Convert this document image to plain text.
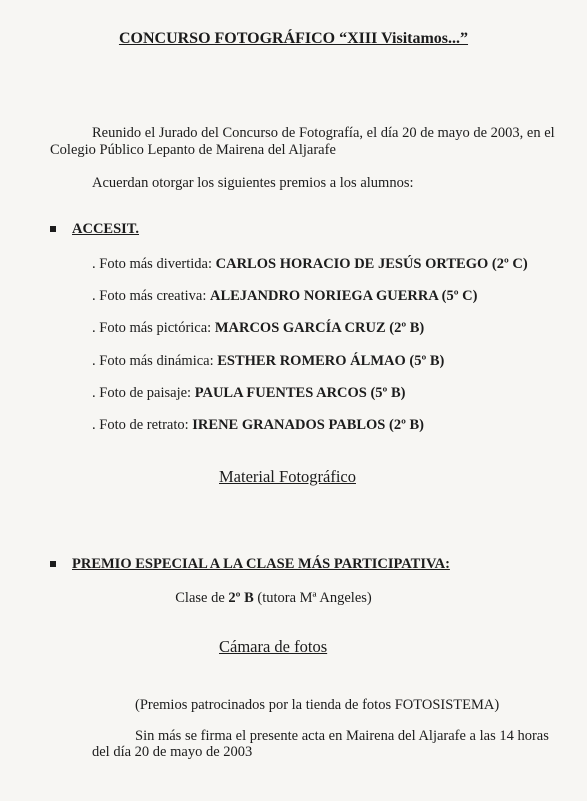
CONCURSO FOTOGRÁFICO “XIII Visitamos...”
Reunido el Jurado del Concurso de Fotografía, el día 20 de mayo de 2003, en el
Colegio Público Lepanto de Mairena del Aljarafe
Acuerdan otorgar los siguientes premios a los alumnos:
ACCESIT.
. Foto más divertida: CARLOS HORACIO DE JESÚS ORTEGO (2º C)
. Foto más creativa: ALEJANDRO NORIEGA GUERRA (5º C)
. Foto más pictórica: MARCOS GARCÍA CRUZ (2º B)
. Foto más dinámica: ESTHER ROMERO ÁLMAO (5º B)
. Foto de paisaje: PAULA FUENTES ARCOS (5º B)
. Foto de retrato: IRENE GRANADOS PABLOS (2º B)
Material Fotográfico
PREMIO ESPECIAL A LA CLASE MÁS PARTICIPATIVA:
Clase de 2º B (tutora Mª Angeles)
Cámara de fotos
(Premios patrocinados por la tienda de fotos FOTOSISTEMA)
Sin más se firma el presente acta en Mairena del Aljarafe a las 14 horas
del día 20 de mayo de 2003
